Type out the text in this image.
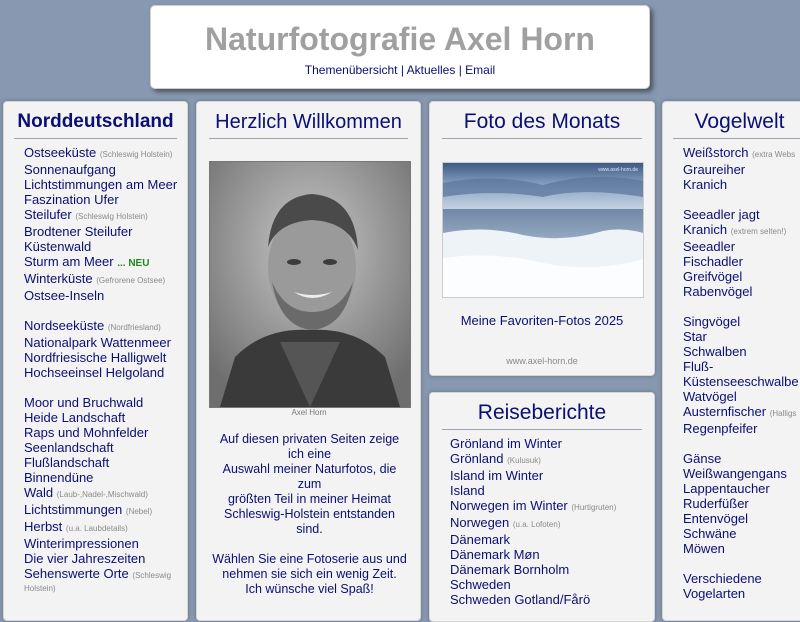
Naturfotografie Axel Horn
Themenübersicht | Aktuelles | Email
Norddeutschland
Ostseeküste (Schleswig Holstein)
Sonnenaufgang
Lichtstimmungen am Meer
Faszination Ufer
Steilufer (Schleswig Holstein)
Brodtener Steilufer
Küstenwald
Sturm am Meer ... NEU
Winterküste (Gefrorene Ostsee)
Ostsee-Inseln
Nordseeküste (Nordfriesland)
Nationalpark Wattenmeer
Nordfriesische Halligwelt
Hochseeinsel Helgoland
Moor und Bruchwald
Heide Landschaft
Raps und Mohnfelder
Seenlandschaft
Flußlandschaft
Binnendüne
Wald (Laub-,Nadel-,Mischwald)
Lichtstimmungen (Nebel)
Herbst (u.a. Laubdetails)
Winterimpressionen
Die vier Jahreszeiten
Sehenswerte Orte (Schleswig Holstein)
Herzlich Willkommen
Axel Horn
Auf diesen privaten Seiten zeige
ich eine
Auswahl meiner Naturfotos, die
zum
größten Teil in meiner Heimat
Schleswig-Holstein entstanden
sind.
Wählen Sie eine Fotoserie aus und
nehmen sie sich ein wenig Zeit.
Ich wünsche viel Spaß!
Foto des Monats
www.axel-horn.de
Meine Favoriten-Fotos 2025
www.axel-horn.de
Reiseberichte
Grönland im Winter
Grönland (Kulusuk)
Island im Winter
Island
Norwegen im Winter (Hurtigruten)
Norwegen (u.a. Lofoten)
Dänemark
Dänemark Møn
Dänemark Bornholm
Schweden
Schweden Gotland/Fårö
Vogelwelt
Weißstorch (extra Webs
Graureiher
Kranich
Seeadler jagt
Kranich (extrem selten!)
Seeadler
Fischadler
Greifvögel
Rabenvögel
Singvögel
Star
Schwalben
Fluß-
Küstenseeschwalbe
Watvögel
Austernfischer (Halligs
Regenpfeifer
Gänse
Weißwangengans
Lappentaucher
Ruderfüßer
Entenvögel
Schwäne
Möwen
Verschiedene
Vogelarten
